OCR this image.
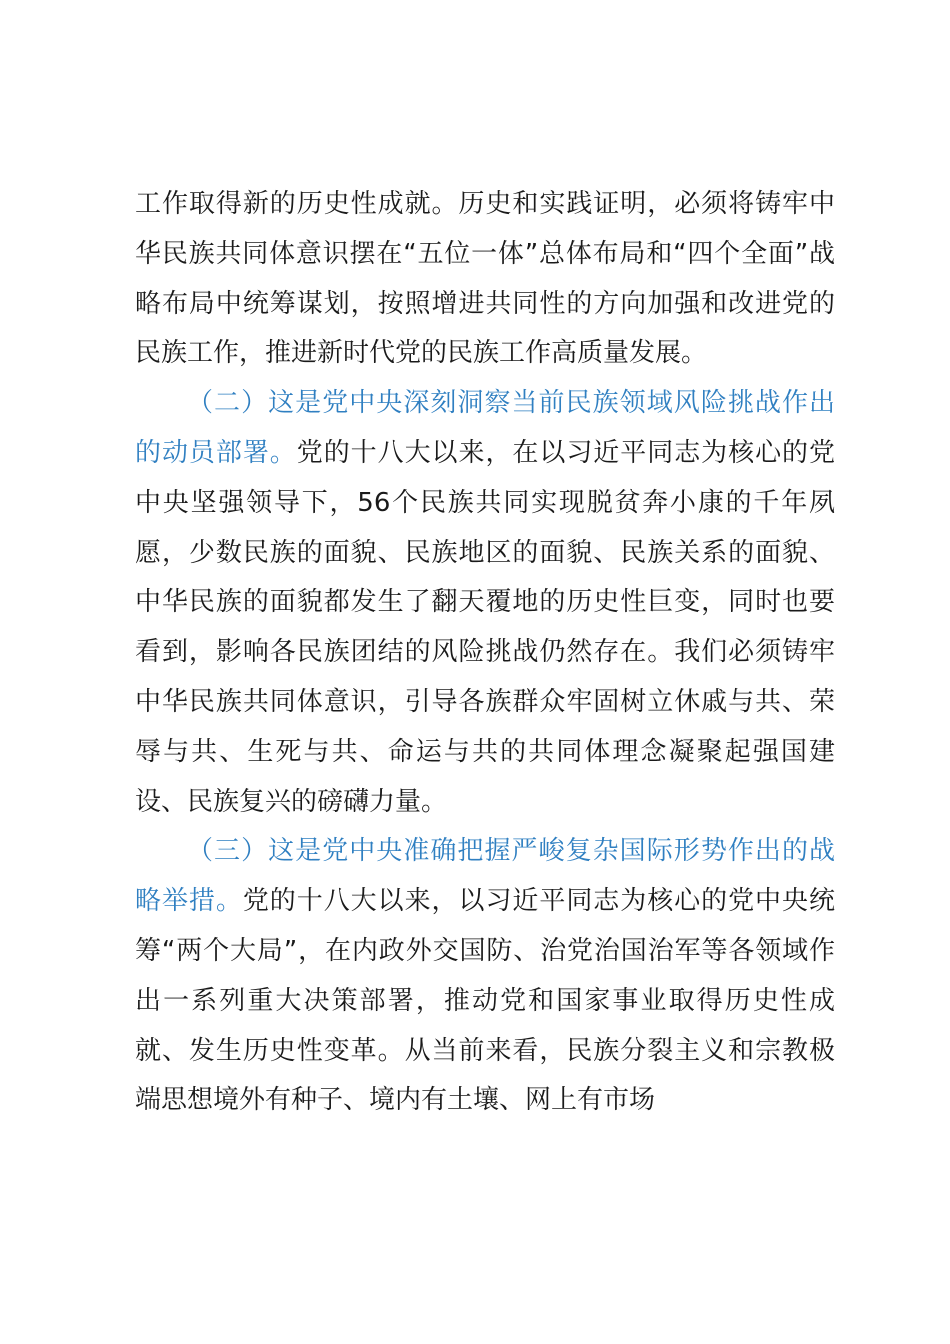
工作取得新的历史性成就。历史和实践证明，必须将铸牢中华民族共同体意识摆在“五位一体”总体布局和“四个全面”战略布局中统筹谋划，按照增进共同性的方向加强和改进党的民族工作，推进新时代党的民族工作高质量发展。

（二）这是党中央深刻洞察当前民族领域风险挑战作出的动员部署。党的十八大以来，在以习近平同志为核心的党中央坚强领导下，56个民族共同实现脱贫奔小康的千年夙愿，少数民族的面貌、民族地区的面貌、民族关系的面貌、中华民族的面貌都发生了翻天覆地的历史性巨变，同时也要看到，影响各民族团结的风险挑战仍然存在。我们必须铸牢中华民族共同体意识，引导各族群众牢固树立休戚与共、荣辱与共、生死与共、命运与共的共同体理念凝聚起强国建设、民族复兴的磅礴力量。

（三）这是党中央准确把握严峻复杂国际形势作出的战略举措。党的十八大以来，以习近平同志为核心的党中央统筹“两个大局”，在内政外交国防、治党治国治军等各领域作出一系列重大决策部署，推动党和国家事业取得历史性成就、发生历史性变革。从当前来看，民族分裂主义和宗教极端思想境外有种子、境内有土壤、网上有市场
